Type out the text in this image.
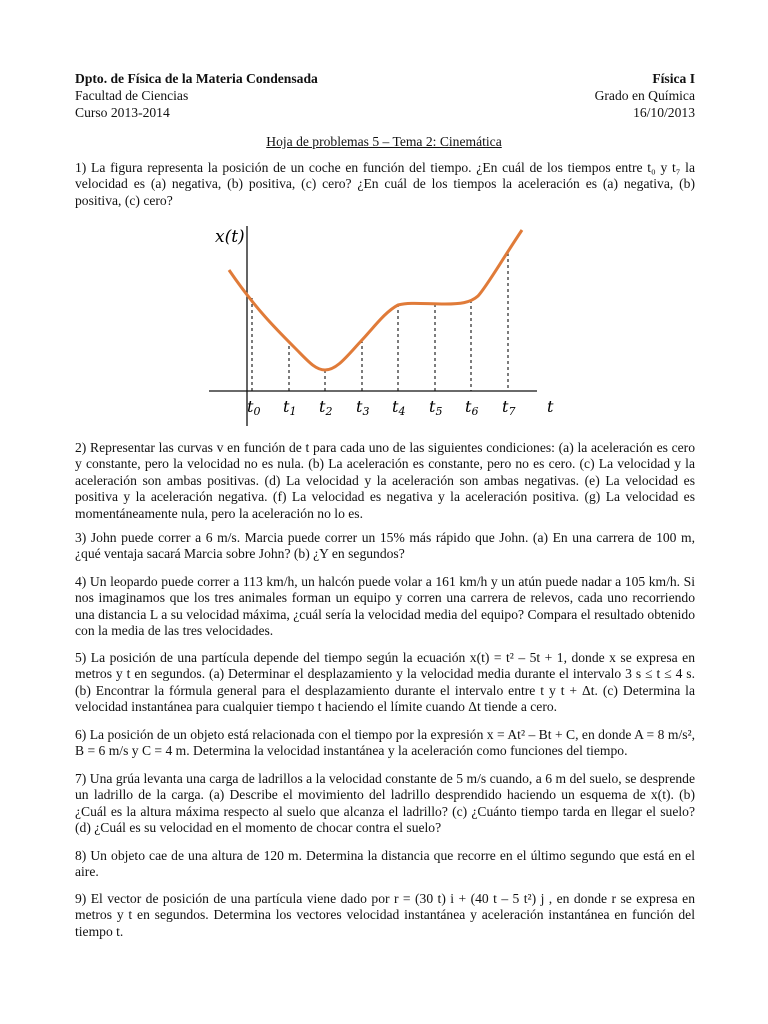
Dpto. de Física de la Materia Condensada	Física I
Facultad de Ciencias	Grado en Química
Curso 2013-2014	16/10/2013
Hoja de problemas 5 – Tema 2: Cinemática
1) La figura representa la posición de un coche en función del tiempo. ¿En cuál de los tiempos entre t₀ y t₇ la velocidad es (a) negativa, (b) positiva, (c) cero? ¿En cuál de los tiempos la aceleración es (a) negativa, (b) positiva, (c) cero?
x(t)
t
t0 t1 t2 t3 t4 t5 t6 t7
2) Representar las curvas v en función de t para cada uno de las siguientes condiciones: (a) la aceleración es cero y constante, pero la velocidad no es nula. (b) La aceleración es constante, pero no es cero. (c) La velocidad y la aceleración son ambas positivas. (d) La velocidad y la aceleración son ambas negativas. (e) La velocidad es positiva y la aceleración negativa. (f) La velocidad es negativa y la aceleración positiva. (g) La velocidad es momentáneamente nula, pero la aceleración no lo es.
3) John puede correr a 6 m/s. Marcia puede correr un 15% más rápido que John. (a) En una carrera de 100 m, ¿qué ventaja sacará Marcia sobre John? (b) ¿Y en segundos?
4) Un leopardo puede correr a 113 km/h, un halcón puede volar a 161 km/h y un atún puede nadar a 105 km/h. Si nos imaginamos que los tres animales forman un equipo y corren una carrera de relevos, cada uno recorriendo una distancia L a su velocidad máxima, ¿cuál sería la velocidad media del equipo? Compara el resultado obtenido con la media de las tres velocidades.
5) La posición de una partícula depende del tiempo según la ecuación x(t) = t² – 5t + 1, donde x se expresa en metros y t en segundos. (a) Determinar el desplazamiento y la velocidad media durante el intervalo 3 s ≤ t ≤ 4 s. (b) Encontrar la fórmula general para el desplazamiento durante el intervalo entre t y t + Δt. (c) Determina la velocidad instantánea para cualquier tiempo t haciendo el límite cuando Δt tiende a cero.
6) La posición de un objeto está relacionada con el tiempo por la expresión x = At² – Bt + C, en donde A = 8 m/s², B = 6 m/s y C = 4 m. Determina la velocidad instantánea y la aceleración como funciones del tiempo.
7) Una grúa levanta una carga de ladrillos a la velocidad constante de 5 m/s cuando, a 6 m del suelo, se desprende un ladrillo de la carga. (a) Describe el movimiento del ladrillo desprendido haciendo un esquema de x(t). (b) ¿Cuál es la altura máxima respecto al suelo que alcanza el ladrillo? (c) ¿Cuánto tiempo tarda en llegar el suelo? (d) ¿Cuál es su velocidad en el momento de chocar contra el suelo?
8) Un objeto cae de una altura de 120 m. Determina la distancia que recorre en el último segundo que está en el aire.
9) El vector de posición de una partícula viene dado por r = (30 t) i + (40 t – 5 t²) j , en donde r se expresa en metros y t en segundos. Determina los vectores velocidad instantánea y aceleración instantánea en función del tiempo t.
